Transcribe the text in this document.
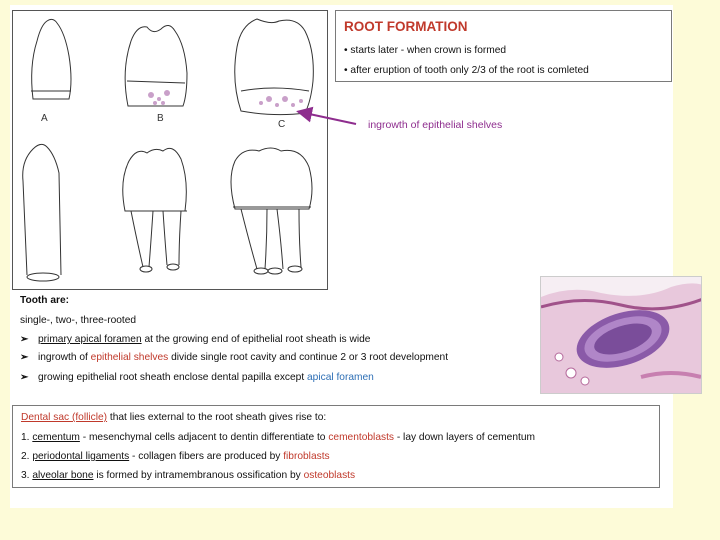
A	B
C
ROOT FORMATION
• starts later - when crown is formed
• after eruption of tooth only 2/3 of the root is comleted
ingrowth of epithelial shelves
Tooth are:
single-, two-, three-rooted
➢ primary apical foramen at the growing end of epithelial root sheath is wide
➢ ingrowth of epithelial shelves divide single root cavity and continue 2 or 3 root development
➢ growing epithelial root sheath enclose dental papilla except apical foramen
Dental sac (follicle) that lies external to the root sheath gives rise to:
1. cementum - mesenchymal cells adjacent to dentin differentiate to cementoblasts - lay down layers of cementum
2. periodontal ligaments - collagen fibers are produced by fibroblasts
3. alveolar bone is formed by intramembranous ossification by osteoblasts
